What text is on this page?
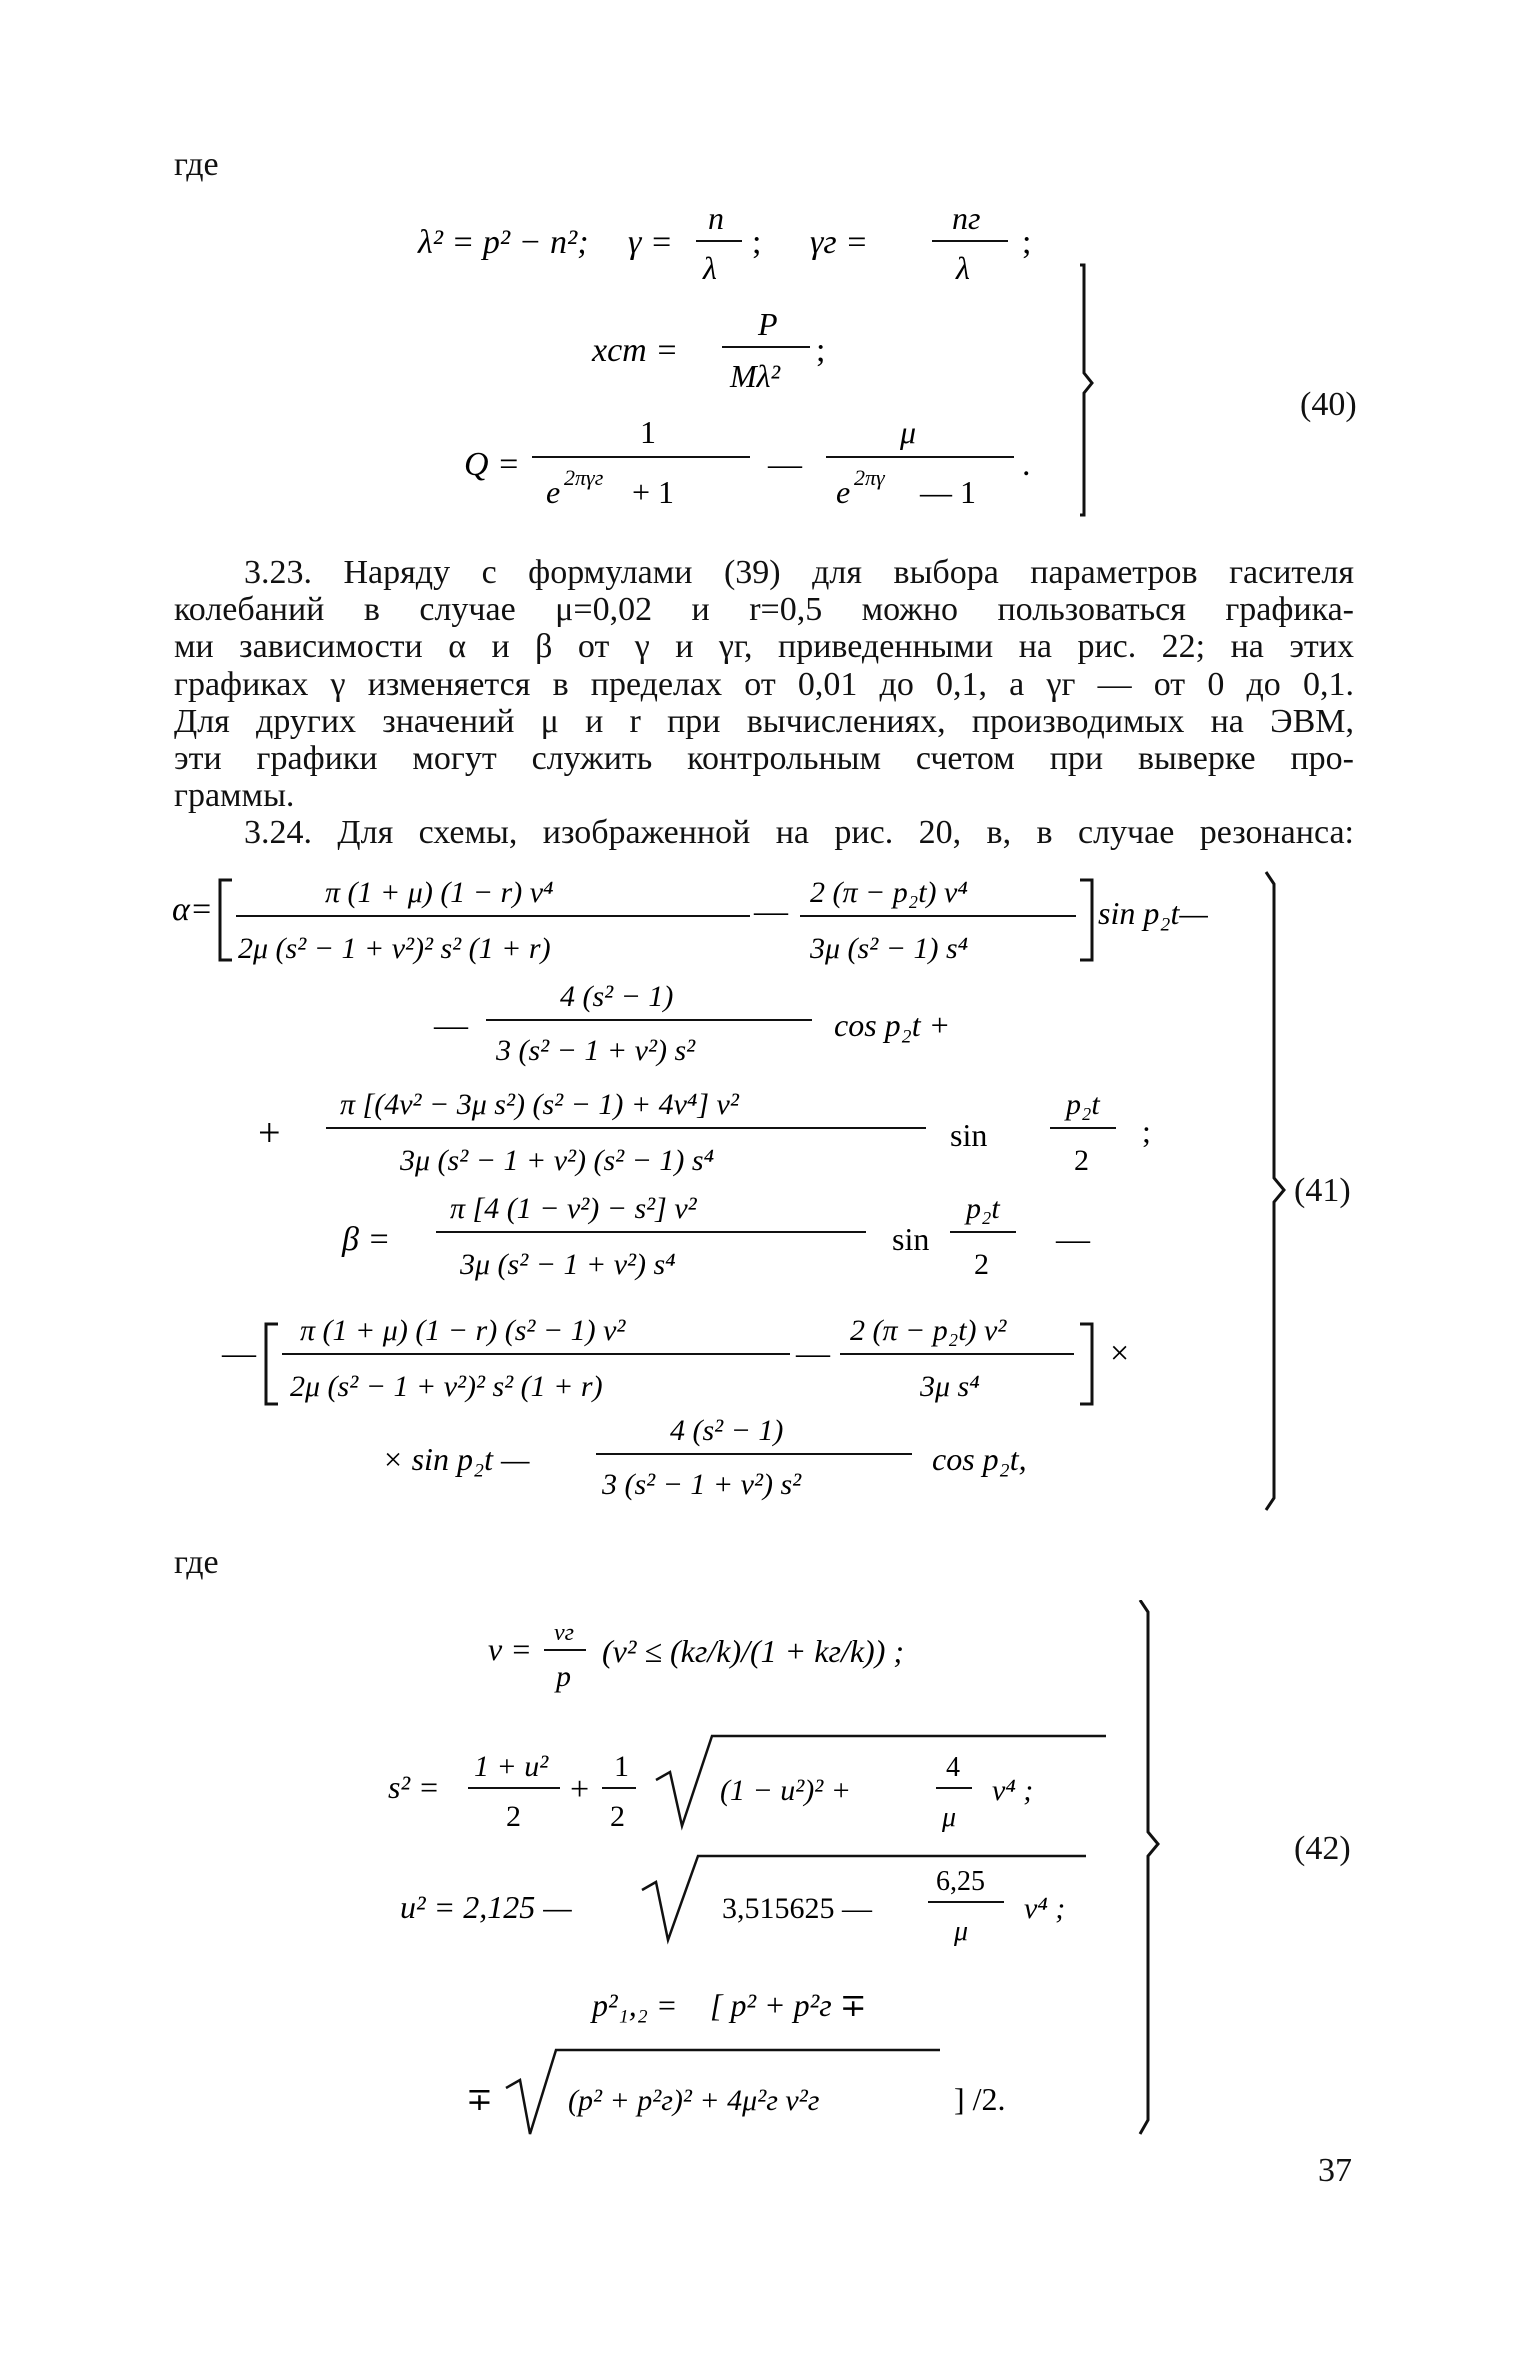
где
λ² = p² − n²; γ =
n
λ
; γг =
nг
λ
;
xст =
P
Mλ²
;
Q =
1
e 2πγг + 1
—
μ
e 2πγ — 1
.
(40)
3.23. Наряду с формулами (39) для выбора параметров гасителя
колебаний в случае μ=0,02 и r=0,5 можно пользоваться графика-
ми зависимости α и β от γ и γг, приведенными на рис. 22; на этих
графиках γ изменяется в пределах от 0,01 до 0,1, а γг — от 0 до 0,1.
Для других значений μ и r при вычислениях, производимых на ЭВМ,
эти графики могут служить контрольным счетом при выверке про-
граммы.
3.24. Для схемы, изображенной на рис. 20, в, в случае резонанса:
α=	π (1 + μ) (1 − r) v⁴
2μ (s² − 1 + v²)² s² (1 + r)
—
2 (π − p₂t) v⁴
3μ (s² − 1) s⁴
sin p₂t—
—
4 (s² − 1)
3 (s² − 1 + v²) s²
cos p₂t +
+
π [(4v² − 3μ s²) (s² − 1) + 4v⁴] v²
3μ (s² − 1 + v²) (s² − 1) s⁴
sin
p₂t
2
;
β =
π [4 (1 − v²) − s²] v²
3μ (s² − 1 + v²) s⁴
sin
p₂t
2
—
—
π (1 + μ) (1 − r) (s² − 1) v²
2μ (s² − 1 + v²)² s² (1 + r)
—
2 (π − p₂t) v²
3μ s⁴
×
× sin p₂t —
4 (s² − 1)
3 (s² − 1 + v²) s²
cos p₂t,
(41)
где
v = νг
p
(v² ≤ (kг/k)/(1 + kг/k)) ;
s² =
1 + u²
2
+
1
2
(1 − u²)² +
4
μ
v⁴ ;
u² = 2,125 —	3,515625 —
6,25
μ
v⁴ ;
p²₁,₂ = [ p² + p²г ∓
∓	(p² + p²г)² + 4μ²г ν²г	] /2.
(42)
37
